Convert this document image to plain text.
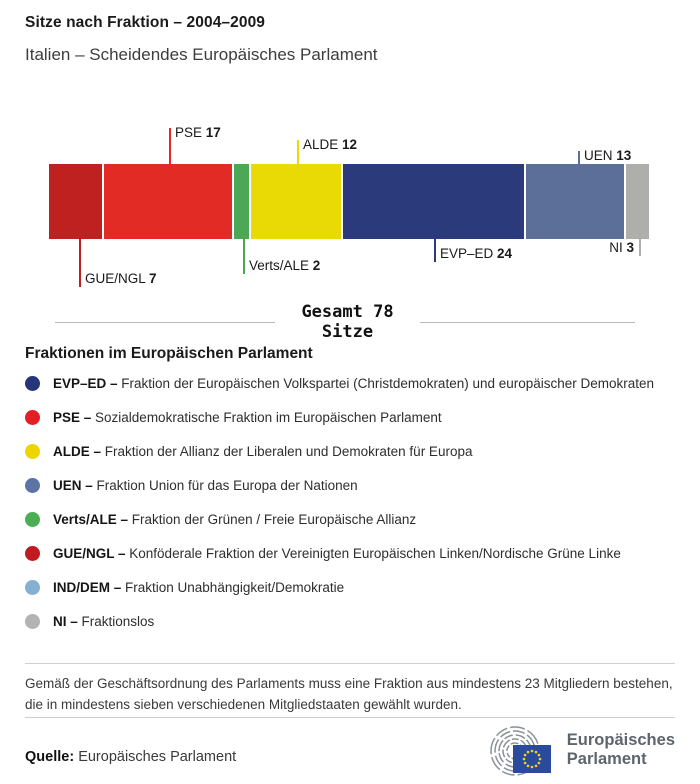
Sitze nach Fraktion – 2004–2009
Italien – Scheidendes Europäisches Parlament
GUE/NGL 7
PSE 17
Verts/ALE 2
ALDE 12
EVP–ED 24
UEN 13
NI 3
Gesamt 78
Sitze
Fraktionen im Europäischen Parlament
EVP–ED – Fraktion der Europäischen Volkspartei (Christdemokraten) und europäischer Demokraten
PSE – Sozialdemokratische Fraktion im Europäischen Parlament
ALDE – Fraktion der Allianz der Liberalen und Demokraten für Europa
UEN – Fraktion Union für das Europa der Nationen
Verts/ALE – Fraktion der Grünen / Freie Europäische Allianz
GUE/NGL – Konföderale Fraktion der Vereinigten Europäischen Linken/Nordische Grüne Linke
IND/DEM – Fraktion Unabhängigkeit/Demokratie
NI – Fraktionslos
Gemäß der Geschäftsordnung des Parlaments muss eine Fraktion aus mindestens 23 Mitgliedern bestehen, die in mindestens sieben verschiedenen Mitgliedstaaten gewählt wurden.
Quelle: Europäisches Parlament
Europäisches
Parlament
